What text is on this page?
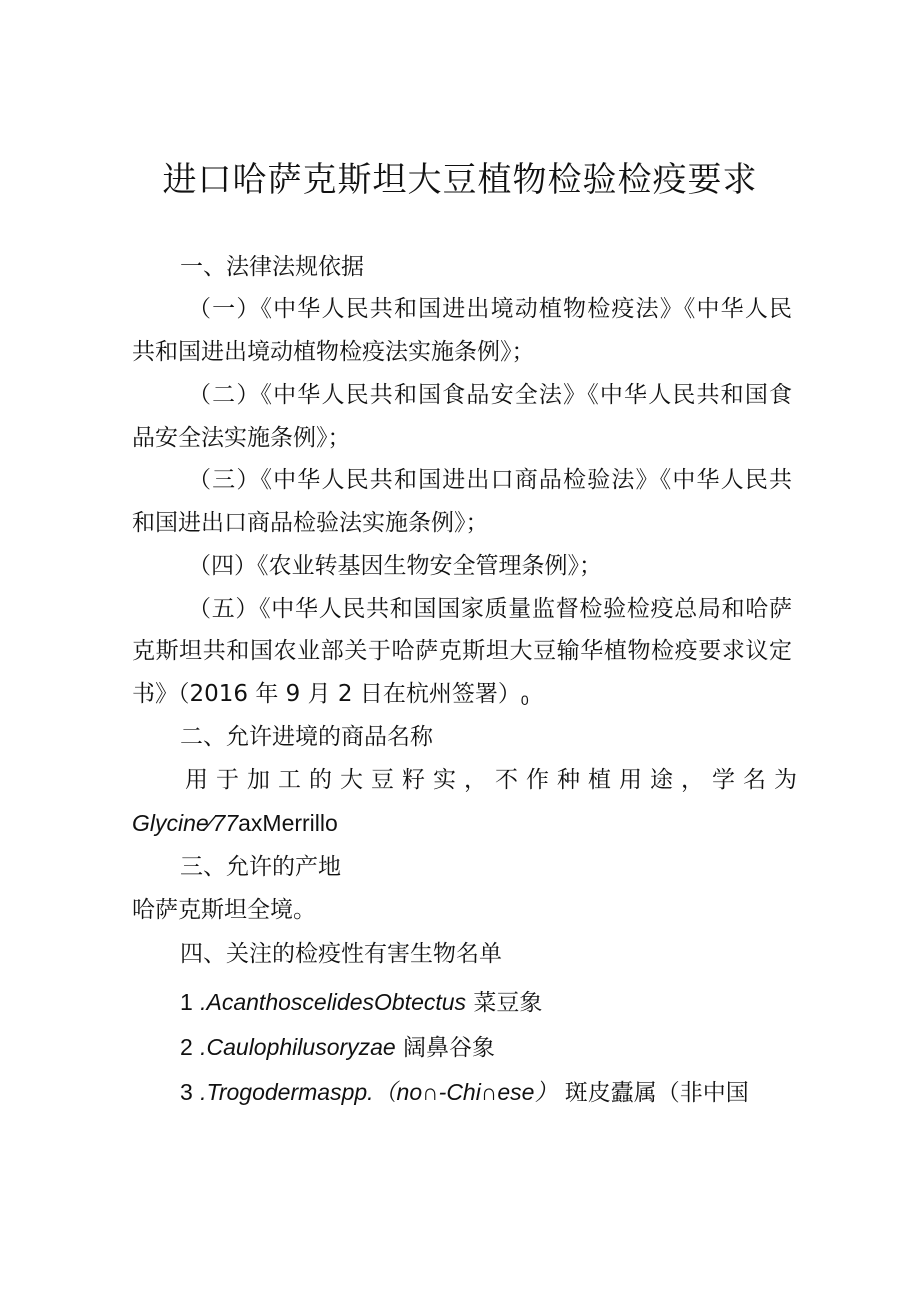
进口哈萨克斯坦大豆植物检验检疫要求
一、法律法规依据
（一）《中华人民共和国进出境动植物检疫法》《中华人民
共和国进出境动植物检疫法实施条例》；
（二）《中华人民共和国食品安全法》《中华人民共和国食
品安全法实施条例》；
（三）《中华人民共和国进出口商品检验法》《中华人民共
和国进出口商品检验法实施条例》；
（四）《农业转基因生物安全管理条例》；
（五）《中华人民共和国国家质量监督检验检疫总局和哈萨
克斯坦共和国农业部关于哈萨克斯坦大豆输华植物检疫要求议定
书》（2016 年 9 月 2 日在杭州签署）$_0$
二、允许进境的商品名称
用于加工的大豆籽实，不作种植用途，学名为
Glycine∕77axMerrillo
三、允许的产地
哈萨克斯坦全境。
四、关注的检疫性有害生物名单
1 .AcanthoscelidesObtectus 菜豆象
2 .Caulophilusoryzae 阔鼻谷象
3 .Trogodermaspp.（no∩-Chi∩ese） 斑皮蠹属（非中国
